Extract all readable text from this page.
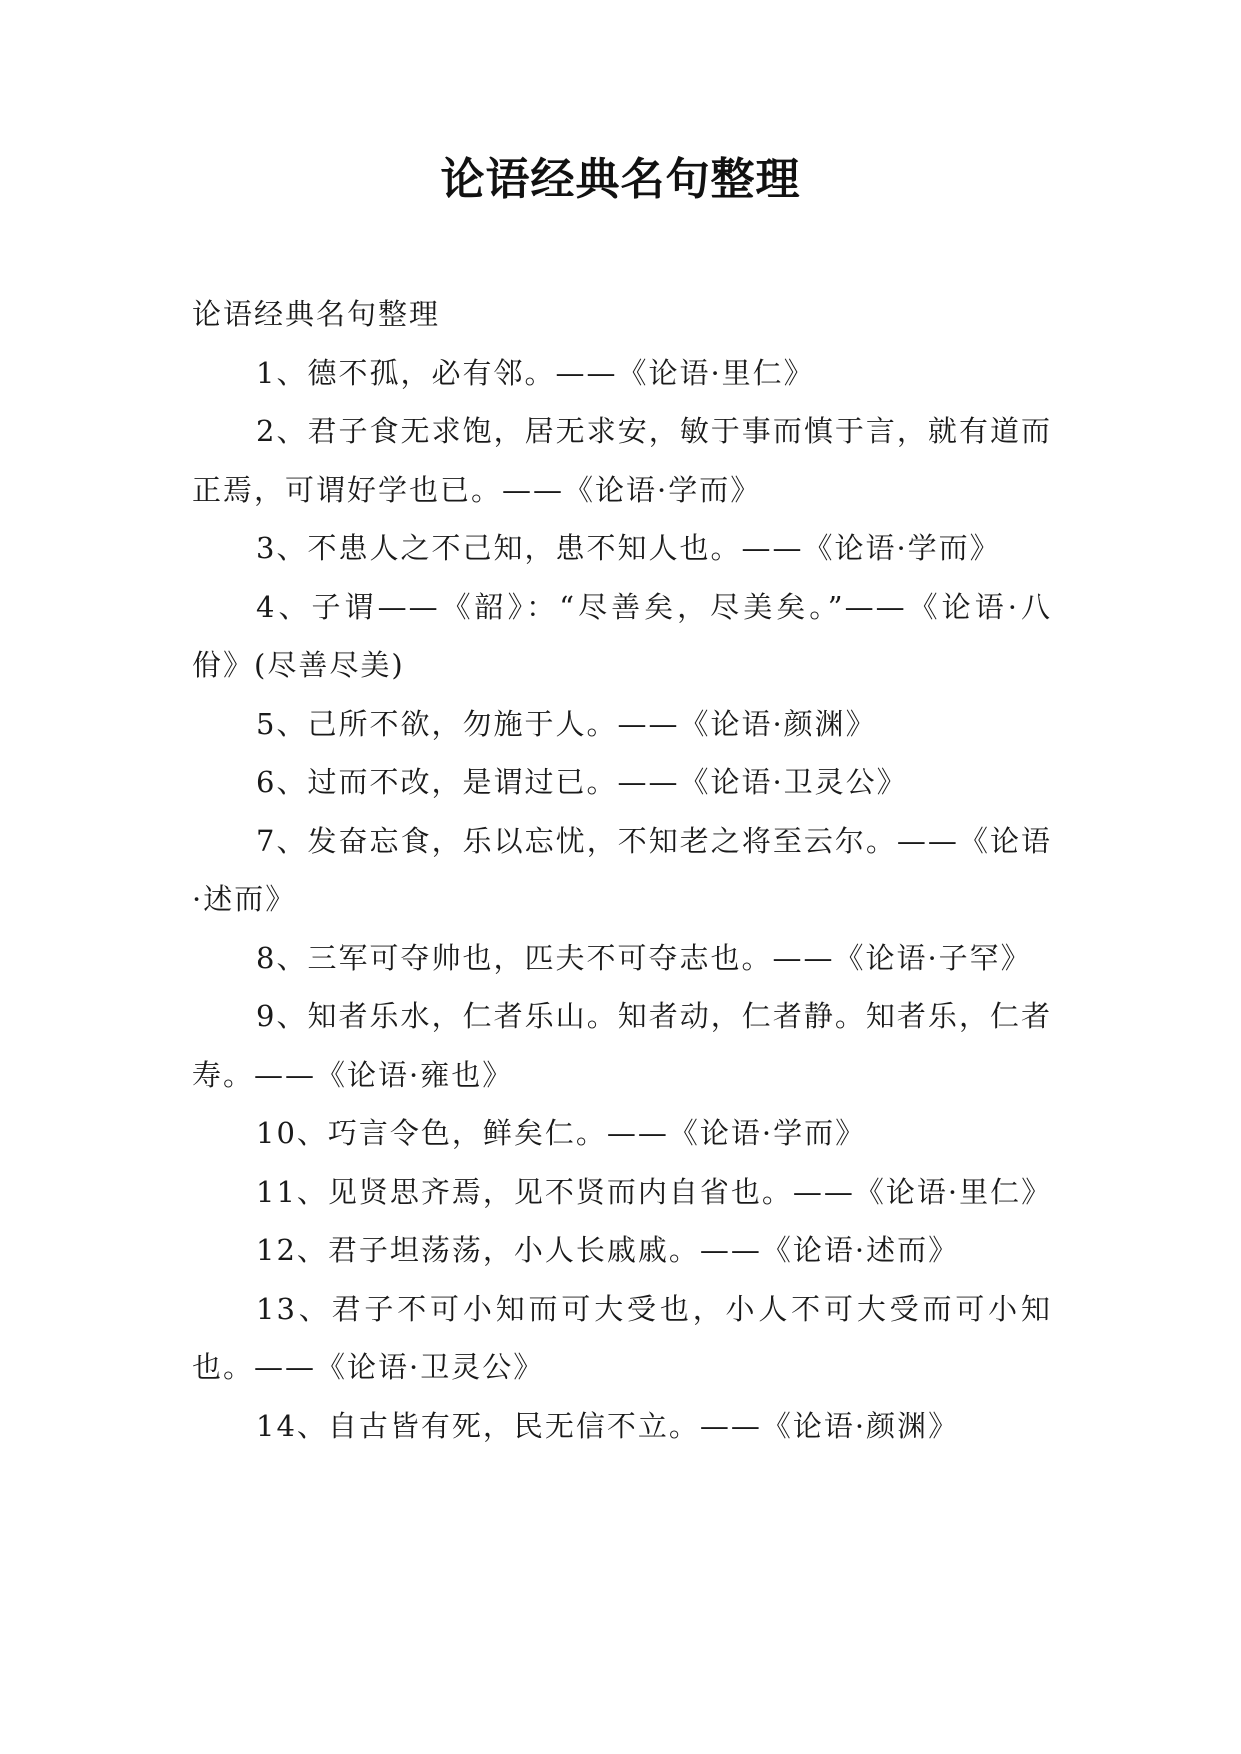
论语经典名句整理

论语经典名句整理

1、德不孤，必有邻。——《论语·里仁》

2、君子食无求饱，居无求安，敏于事而慎于言，就有道而正焉，可谓好学也已。——《论语·学而》

3、不患人之不己知，患不知人也。——《论语·学而》

4、子谓——《韶》：“尽善矣，尽美矣。”——《论语·八佾》(尽善尽美)

5、己所不欲，勿施于人。——《论语·颜渊》

6、过而不改，是谓过已。——《论语·卫灵公》

7、发奋忘食，乐以忘忧，不知老之将至云尔。——《论语·述而》

8、三军可夺帅也，匹夫不可夺志也。——《论语·子罕》

9、知者乐水，仁者乐山。知者动，仁者静。知者乐，仁者寿。——《论语·雍也》

10、巧言令色，鲜矣仁。——《论语·学而》

11、见贤思齐焉，见不贤而内自省也。——《论语·里仁》

12、君子坦荡荡，小人长戚戚。——《论语·述而》

13、君子不可小知而可大受也，小人不可大受而可小知也。——《论语·卫灵公》

14、自古皆有死，民无信不立。——《论语·颜渊》
